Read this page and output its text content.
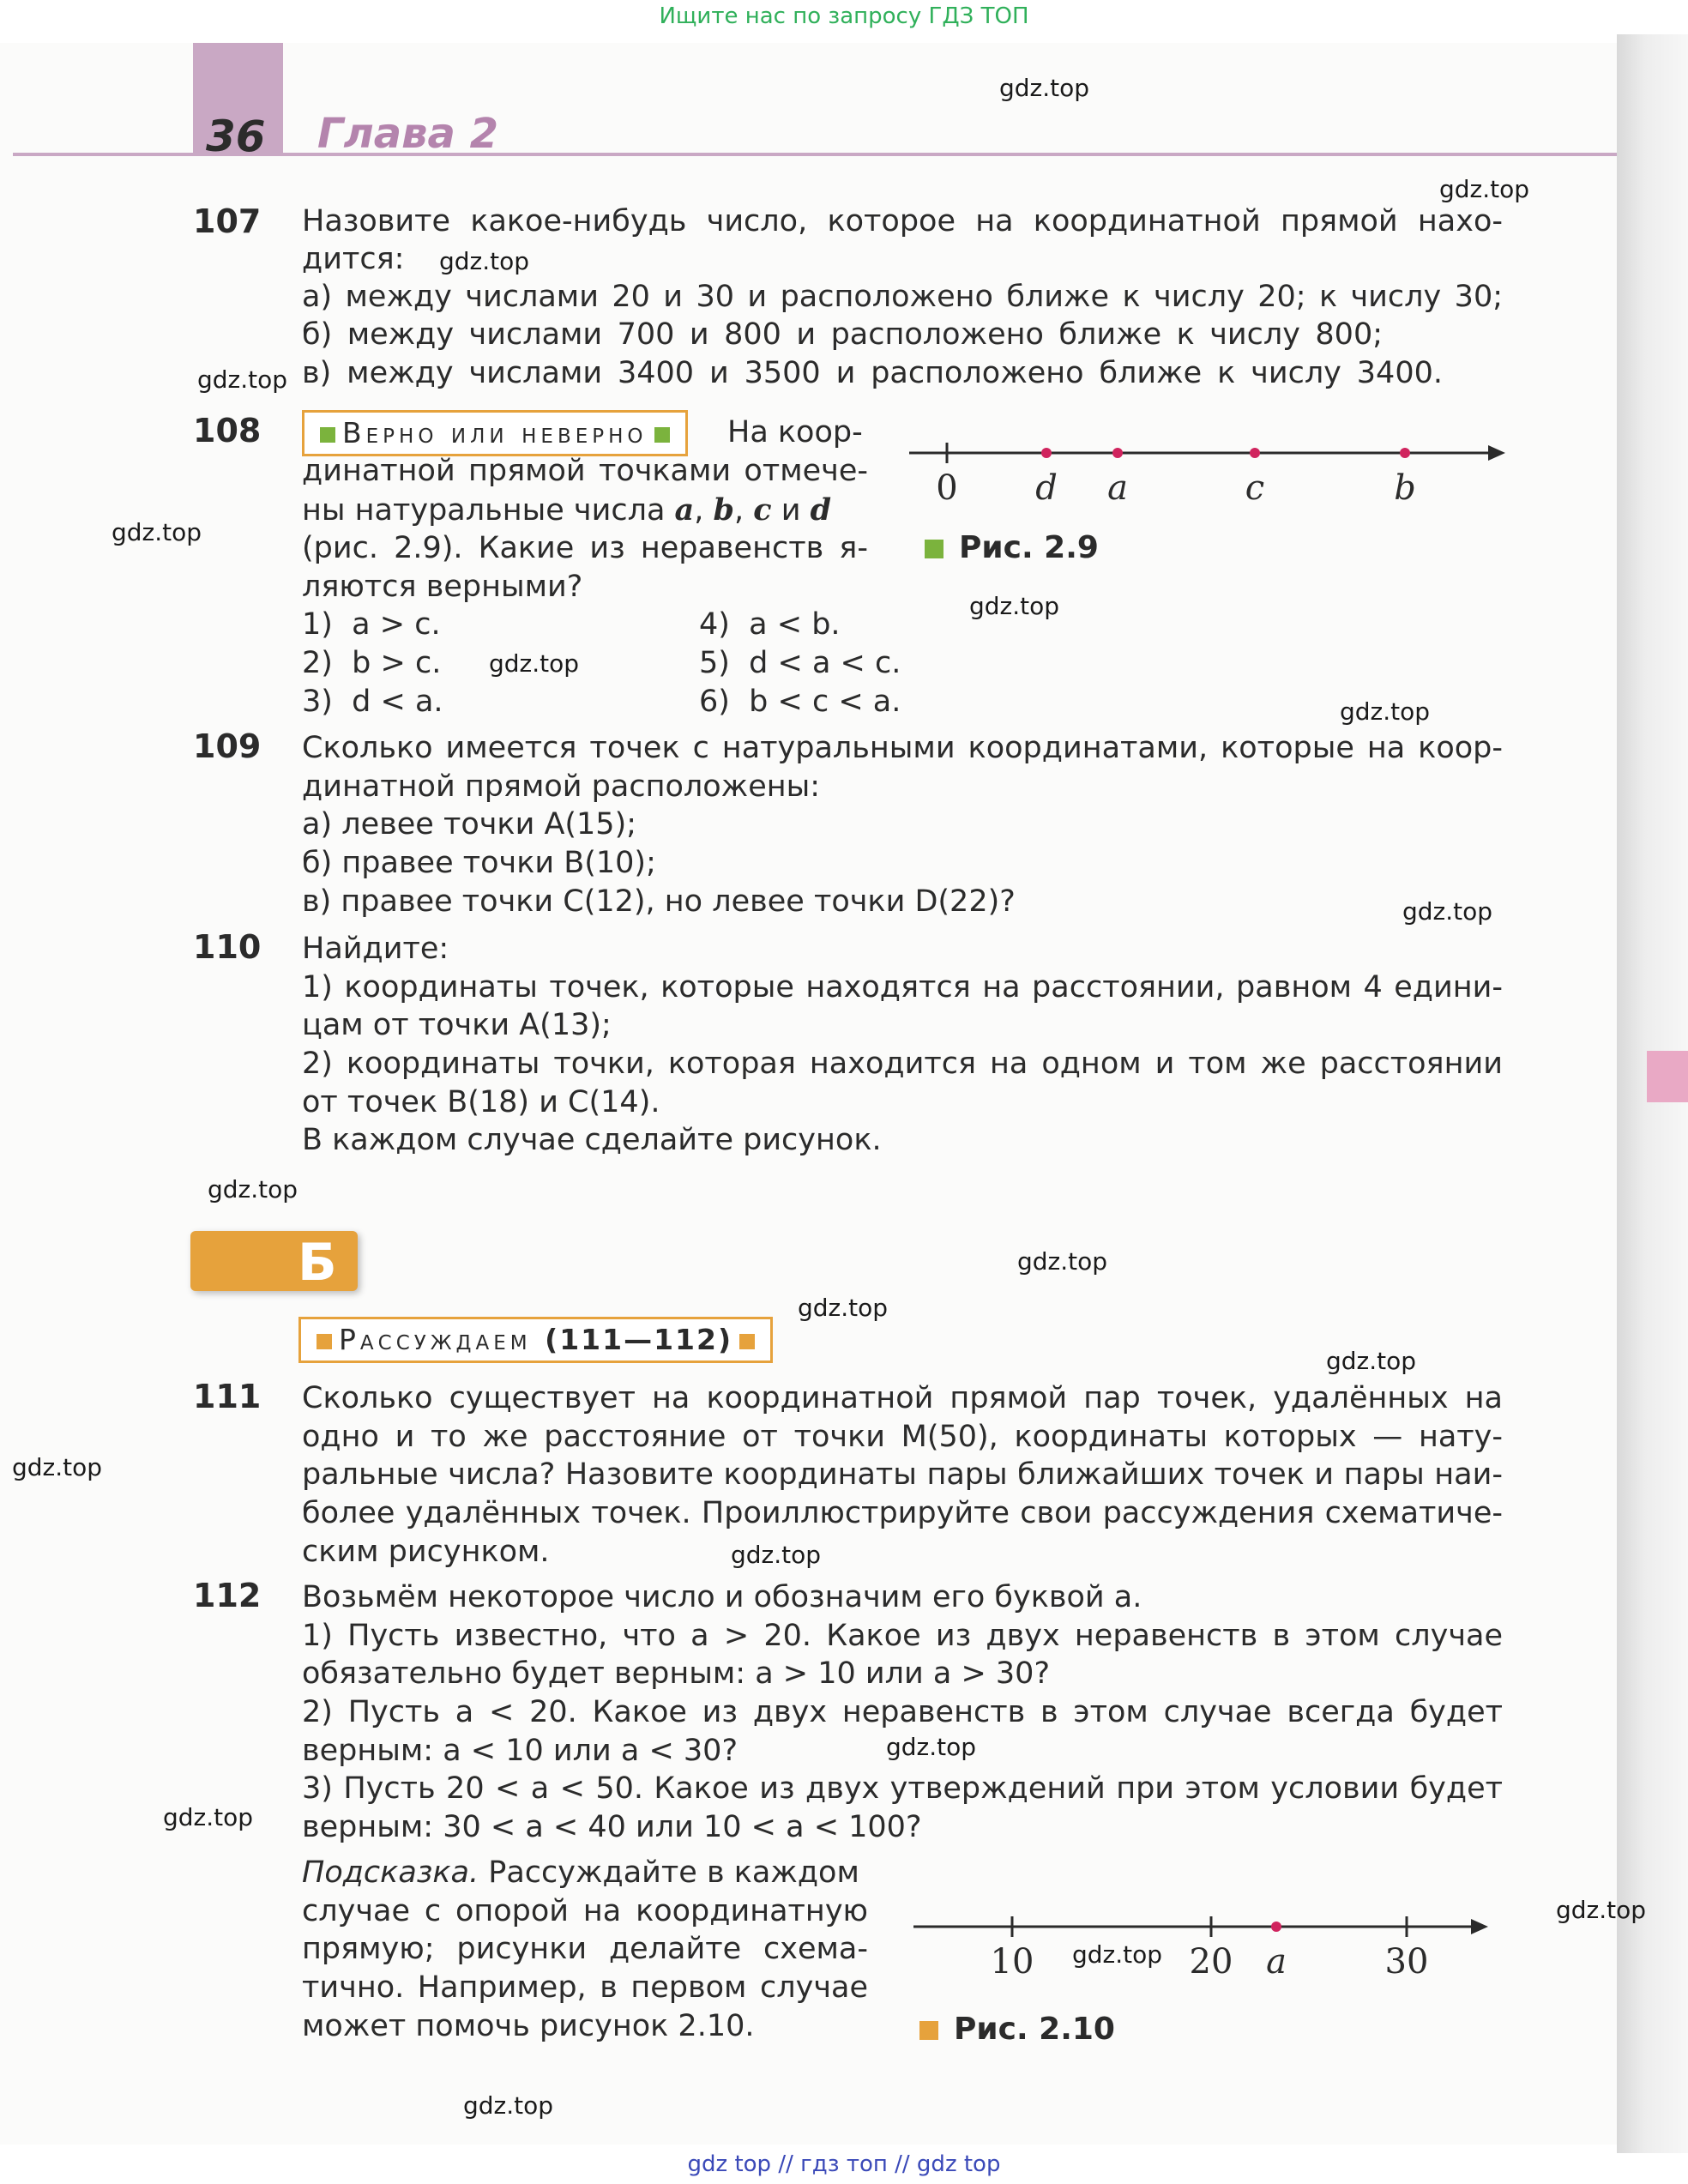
Ищите нас по запросу ГДЗ ТОП
36 Глава 2
107 Назовите какое-нибудь число, которое на координатной прямой нахо-
дится:
а) между числами 20 и 30 и расположено ближе к числу 20; к числу 30;
б) между числами 700 и 800 и расположено ближе к числу 800;
в) между числами 3400 и 3500 и расположено ближе к числу 3400.
108	Верно или неверно	На коор-
динатной прямой точками отмече-
ны натуральные числа a, b, c и d
(рис. 2.9). Какие из неравенств я-
ляются верными?
1)  a > c.
2)  b > c.
3)  d < a.
4)  a < b.
5)  d < a < c.
6)  b < c < a.
0 d a	c	b
Рис. 2.9
109 Сколько имеется точек с натуральными координатами, которые на коор-
динатной прямой расположены:
а) левее точки A(15);
б) правее точки B(10);
в) правее точки C(12), но левее точки D(22)?
110 Найдите:
1) координаты точек, которые находятся на расстоянии, равном 4 едини-
цам от точки A(13);
2) координаты точки, которая находится на одном и том же расстоянии
от точек B(18) и C(14).
В каждом случае сделайте рисунок.
Б
Рассуждаем (111—112)
111 Сколько существует на координатной прямой пар точек, удалённых на
одно и то же расстояние от точки M(50), координаты которых — нату-
ральные числа? Назовите координаты пары ближайших точек и пары наи-
более удалённых точек. Проиллюстрируйте свои рассуждения схематиче-
ским рисунком.
112 Возьмём некоторое число и обозначим его буквой a.
1) Пусть известно, что a > 20. Какое из двух неравенств в этом случае
обязательно будет верным: a > 10 или a > 30?
2) Пусть a < 20. Какое из двух неравенств в этом случае всегда будет
верным: a < 10 или a < 30?
3) Пусть 20 < a < 50. Какое из двух утверждений при этом условии будет
верным: 30 < a < 40 или 10 < a < 100?
Подсказка. Рассуждайте в каждом
случае с опорой на координатную
прямую; рисунки делайте схема-
тично. Например, в первом случае
может помочь рисунок 2.10.
10	20 a	30
Рис. 2.10
gdz.top
gdz.top
gdz.top
gdz.top
gdz.top
gdz.top
gdz.top
gdz.top
gdz.top
gdz.top
gdz.top
gdz.top
gdz.top
gdz.top
gdz.top
gdz.top
gdz.top
gdz.top
gdz.top
gdz.top
gdz top // гдз топ // gdz top
